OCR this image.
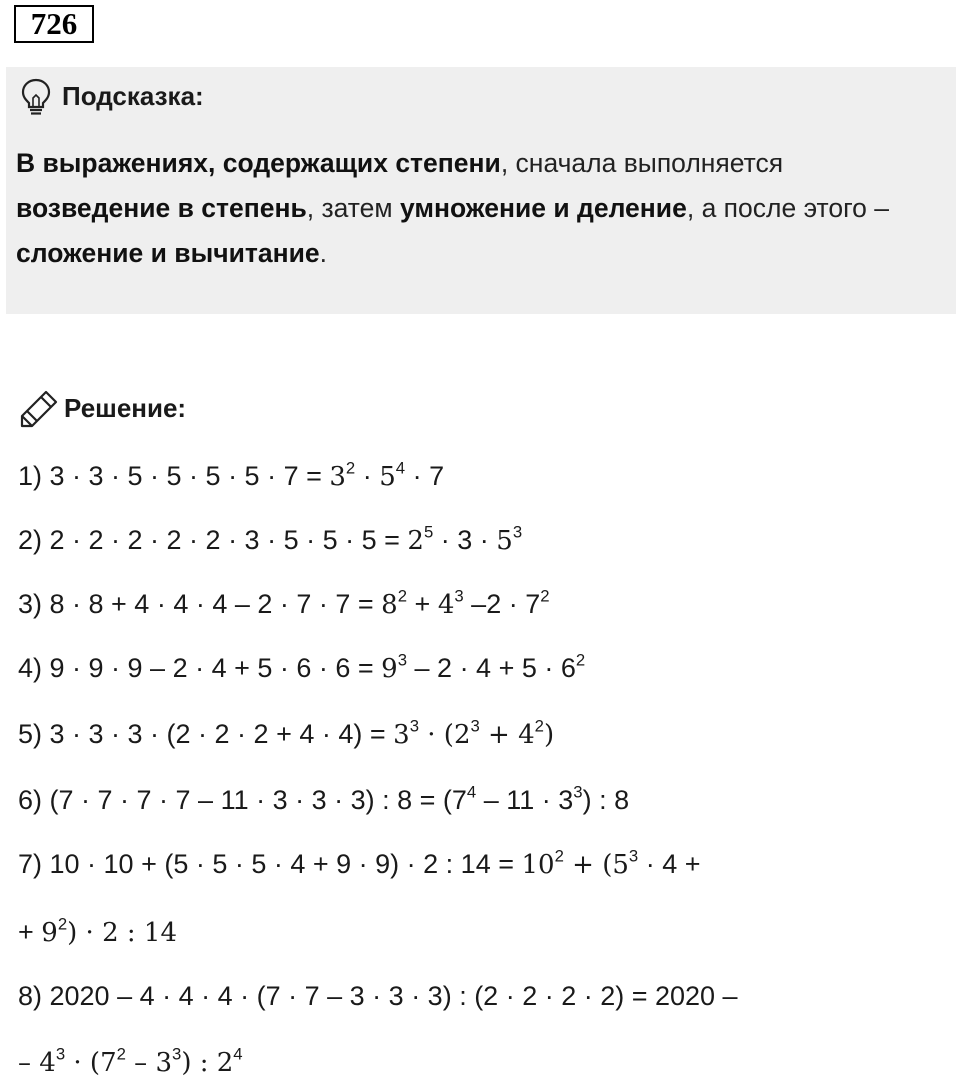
726
Подсказка:
В выражениях, содержащих степени, сначала выполняется возведение в степень, затем умножение и деление, а после этого – сложение и вычитание.
Решение:
1) $3 \cdot 3 \cdot 5 \cdot 5 \cdot 5 \cdot 5 \cdot 7 = 3^2 \cdot 5^4 \cdot 7$
2) $2 \cdot 2 \cdot 2 \cdot 2 \cdot 2 \cdot 3 \cdot 5 \cdot 5 \cdot 5 = 2^5 \cdot 3 \cdot 5^3$
3) $8 \cdot 8 + 4 \cdot 4 \cdot 4 - 2 \cdot 7 \cdot 7 = 8^2 + 4^3$ $-2 \cdot 7^2$
4) $9 \cdot 9 \cdot 9 - 2 \cdot 4 + 5 \cdot 6 \cdot 6 = 9^3 - 2 \cdot 4 + 5 \cdot 6^2$
5) $3 \cdot 3 \cdot 3 \cdot (2 \cdot 2 \cdot 2 + 4 \cdot 4) = 3^3 \cdot (2^3 + 4^2)$
6) (7 · 7 · 7 · 7 – 11 · 3 · 3 · 3) : $8 = (7^4 - 11 \cdot 3^3)$ : 8
7) 10 · 10 + (5 · 5 · 5 · 4 + 9 · 9) · 2 : $14 = 10^2 + (5^3 \cdot 4$ +
+ $9^2) \cdot 2$ : 14
8) 2020 – 4 · 4 · 4 · (7 · 7 – 3 · 3 · 3) : (2 · 2 · 2 · 2) = 2020 –
– $4^3 \cdot (7^2 - 3^3)$ : $2^4$
